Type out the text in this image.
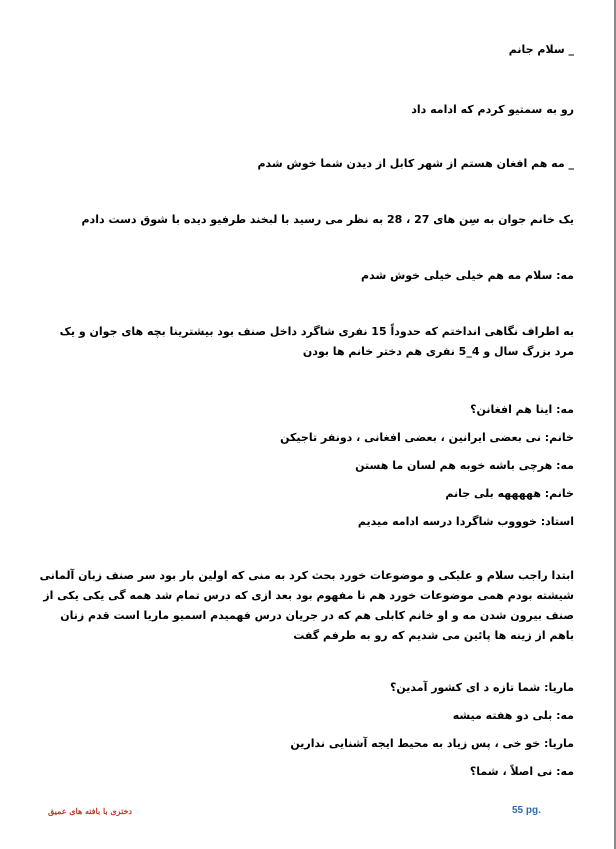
_ سلام جانم

رو به سمتیو کردم که ادامه داد

_ مه هم افغان هستم از شهر کابل از دیدن شما خوش شدم

یک خانم جوان به سِن های 27 ، 28 به نظر می رسید با لبخند طرفیو دیده با شوق دست دادم

مه: سلام مه هم خیلی خیلی خوش شدم

به اطراف نگاهی انداختم که حدوداً 15 نفری شاگرد داخل صنف بود بیشترینا بچه های جوان و یک مرد بزرگ سال و 4_5 نفری هم دختر خانم ها بودن

مه: اینا هم افغانن؟

خانم: نی بعضی ایرانین ، بعضی افغانی ، دونفر تاجیکن

مه: هرچی باشه خوبه هم لسان ما هستن

خانم: هههههه بلی جانم

استاد: خوووب شاگردا درسه ادامه میدیم

ابتدا راجب سلام و علیکی و موضوعات خورد بحث کرد به منی که اولین بار بود سر صنف زبان آلمانی شیشته بودم همی موضوعات خورد هم نا مفهوم بود بعد ازی که درس تمام شد همه گی یکی یکی از صنف بیرون شدن مه و او خانم کابلی هم که در جریان درس فهمیدم اسمیو ماریا است قدم زنان باهم از زینه ها پائین می شدیم که رو به طرفم گفت

ماریا: شما تازه د ای کشور آمدین؟

مه: بلی دو هفته میشه

ماریا: خو خی ، پس زیاد به محیط ایجه آشنایی ندارین

مه: نی اصلاً ، شما؟

دختری با بافته های عمیق	55 pg.
